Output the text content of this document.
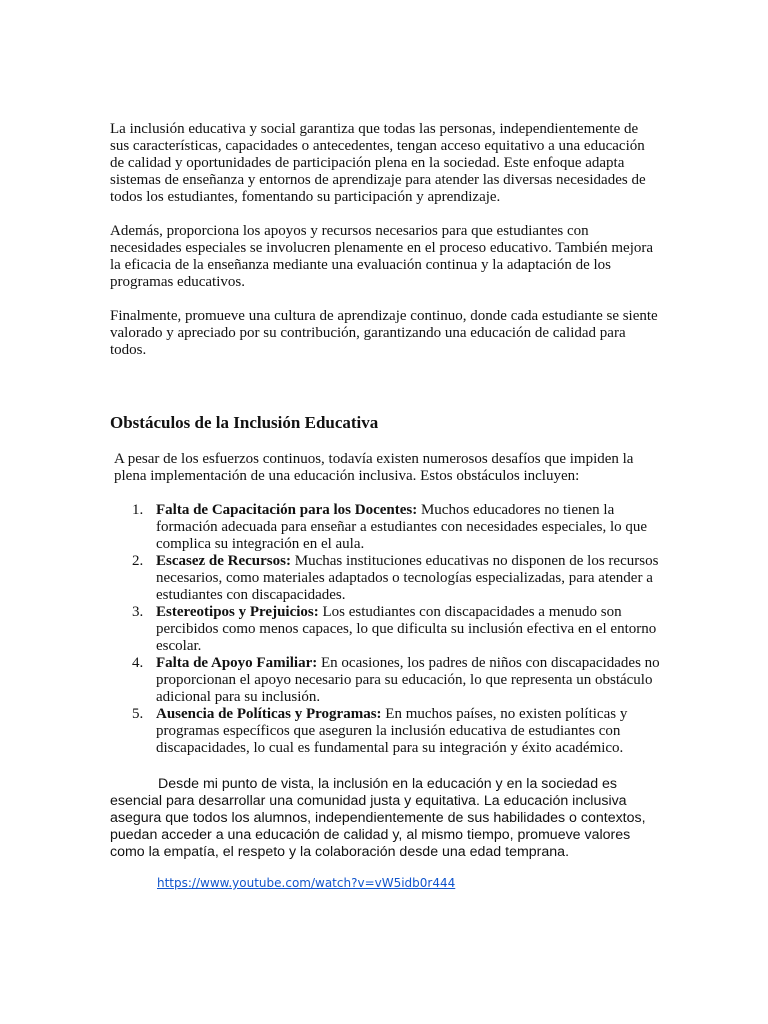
La inclusión educativa y social garantiza que todas las personas, independientemente de sus características, capacidades o antecedentes, tengan acceso equitativo a una educación de calidad y oportunidades de participación plena en la sociedad. Este enfoque adapta sistemas de enseñanza y entornos de aprendizaje para atender las diversas necesidades de todos los estudiantes, fomentando su participación y aprendizaje.

Además, proporciona los apoyos y recursos necesarios para que estudiantes con necesidades especiales se involucren plenamente en el proceso educativo. También mejora la eficacia de la enseñanza mediante una evaluación continua y la adaptación de los programas educativos.

Finalmente, promueve una cultura de aprendizaje continuo, donde cada estudiante se siente valorado y apreciado por su contribución, garantizando una educación de calidad para todos.

Obstáculos de la Inclusión Educativa

A pesar de los esfuerzos continuos, todavía existen numerosos desafíos que impiden la plena implementación de una educación inclusiva. Estos obstáculos incluyen:

1. Falta de Capacitación para los Docentes: Muchos educadores no tienen la formación adecuada para enseñar a estudiantes con necesidades especiales, lo que complica su integración en el aula.
2. Escasez de Recursos: Muchas instituciones educativas no disponen de los recursos necesarios, como materiales adaptados o tecnologías especializadas, para atender a estudiantes con discapacidades.
3. Estereotipos y Prejuicios: Los estudiantes con discapacidades a menudo son percibidos como menos capaces, lo que dificulta su inclusión efectiva en el entorno escolar.
4. Falta de Apoyo Familiar: En ocasiones, los padres de niños con discapacidades no proporcionan el apoyo necesario para su educación, lo que representa un obstáculo adicional para su inclusión.
5. Ausencia de Políticas y Programas: En muchos países, no existen políticas y programas específicos que aseguren la inclusión educativa de estudiantes con discapacidades, lo cual es fundamental para su integración y éxito académico.

Desde mi punto de vista, la inclusión en la educación y en la sociedad es esencial para desarrollar una comunidad justa y equitativa. La educación inclusiva asegura que todos los alumnos, independientemente de sus habilidades o contextos, puedan acceder a una educación de calidad y, al mismo tiempo, promueve valores como la empatía, el respeto y la colaboración desde una edad temprana.

https://www.youtube.com/watch?v=vW5idb0r444
